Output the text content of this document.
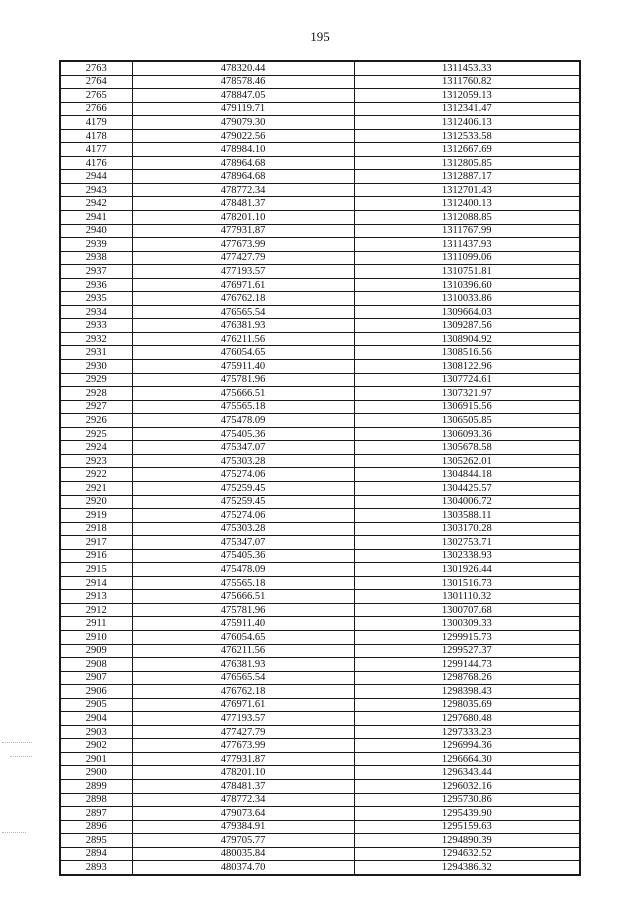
195
2763	478320.44	1311453.33
2764	478578.46	1311760.82
2765	478847.05	1312059.13
2766	479119.71	1312341.47
4179	479079.30	1312406.13
4178	479022.56	1312533.58
4177	478984.10	1312667.69
4176	478964.68	1312805.85
2944	478964.68	1312887.17
2943	478772.34	1312701.43
2942	478481.37	1312400.13
2941	478201.10	1312088.85
2940	477931.87	1311767.99
2939	477673.99	1311437.93
2938	477427.79	1311099.06
2937	477193.57	1310751.81
2936	476971.61	1310396.60
2935	476762.18	1310033.86
2934	476565.54	1309664.03
2933	476381.93	1309287.56
2932	476211.56	1308904.92
2931	476054.65	1308516.56
2930	475911.40	1308122.96
2929	475781.96	1307724.61
2928	475666.51	1307321.97
2927	475565.18	1306915.56
2926	475478.09	1306505.85
2925	475405.36	1306093.36
2924	475347.07	1305678.58
2923	475303.28	1305262.01
2922	475274.06	1304844.18
2921	475259.45	1304425.57
2920	475259.45	1304006.72
2919	475274.06	1303588.11
2918	475303.28	1303170.28
2917	475347.07	1302753.71
2916	475405.36	1302338.93
2915	475478.09	1301926.44
2914	475565.18	1301516.73
2913	475666.51	1301110.32
2912	475781.96	1300707.68
2911	475911.40	1300309.33
2910	476054.65	1299915.73
2909	476211.56	1299527.37
2908	476381.93	1299144.73
2907	476565.54	1298768.26
2906	476762.18	1298398.43
2905	476971.61	1298035.69
2904	477193.57	1297680.48
2903	477427.79	1297333.23
2902	477673.99	1296994.36
2901	477931.87	1296664.30
2900	478201.10	1296343.44
2899	478481.37	1296032.16
2898	478772.34	1295730.86
2897	479073.64	1295439.90
2896	479384.91	1295159.63
2895	479705.77	1294890.39
2894	480035.84	1294632.52
2893	480374.70	1294386.32
